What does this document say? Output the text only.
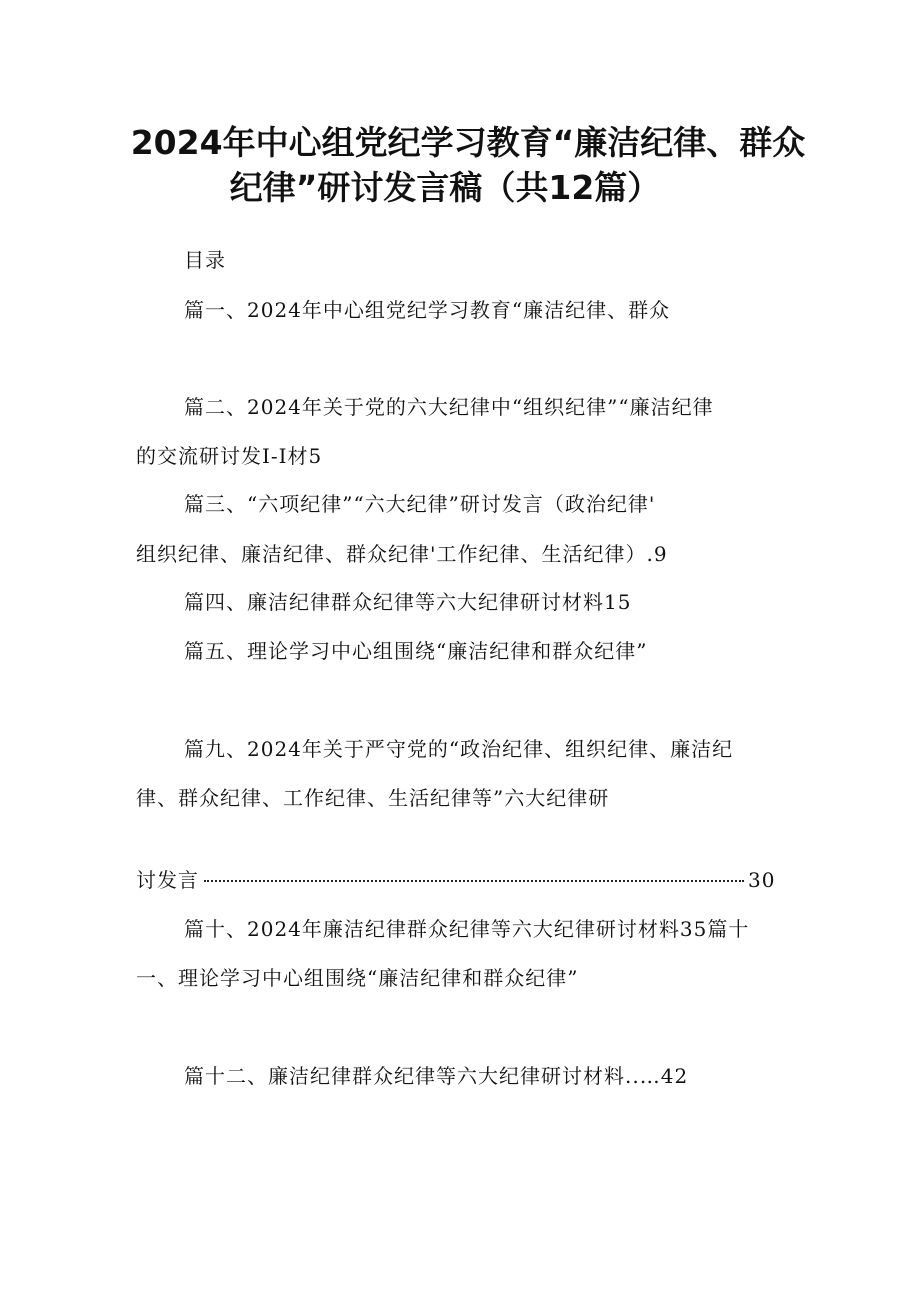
2024年中心组党纪学习教育“廉洁纪律、群众
纪律”研讨发言稿（共12篇）
目录
篇一、2024年中心组党纪学习教育“廉洁纪律、群众
篇二、2024年关于党的六大纪律中“组织纪律”“廉洁纪律
的交流研讨发I-I材5
篇三、“六项纪律”“六大纪律”研讨发言（政治纪律'
组织纪律、廉洁纪律、群众纪律'工作纪律、生活纪律）.9
篇四、廉洁纪律群众纪律等六大纪律研讨材料15
篇五、理论学习中心组围绕“廉洁纪律和群众纪律”
篇九、2024年关于严守党的“政治纪律、组织纪律、廉洁纪
律、群众纪律、工作纪律、生活纪律等”六大纪律研
讨发言	30
篇十、2024年廉洁纪律群众纪律等六大纪律研讨材料35篇十
一、理论学习中心组围绕“廉洁纪律和群众纪律”
篇十二、廉洁纪律群众纪律等六大纪律研讨材料..…42
